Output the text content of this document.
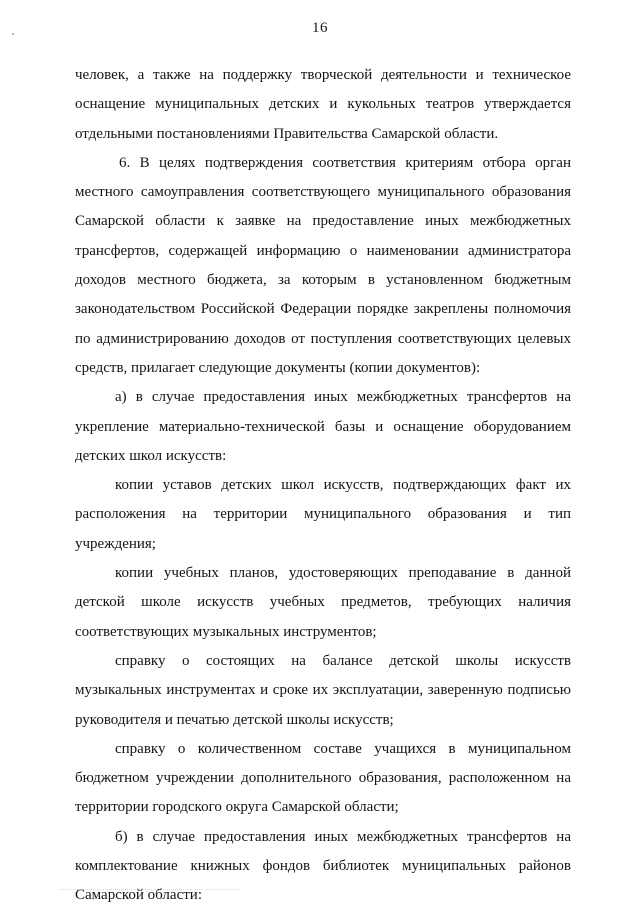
16

человек, а также на поддержку творческой деятельности и техническое оснащение муниципальных детских и кукольных театров утверждается отдельными постановлениями Правительства Самарской области.

6. В целях подтверждения соответствия критериям отбора орган местного самоуправления соответствующего муниципального образования Самарской области к заявке на предоставление иных межбюджетных трансфертов, содержащей информацию о наименовании администратора доходов местного бюджета, за которым в установленном бюджетным законодательством Российской Федерации порядке закреплены полномочия по администрированию доходов от поступления соответствующих целевых средств, прилагает следующие документы (копии документов):

а) в случае предоставления иных межбюджетных трансфертов на укрепление материально-технической базы и оснащение оборудованием детских школ искусств:

копии уставов детских школ искусств, подтверждающих факт их расположения на территории муниципального образования и тип учреждения;

копии учебных планов, удостоверяющих преподавание в данной детской школе искусств учебных предметов, требующих наличия соответствующих музыкальных инструментов;

справку о состоящих на балансе детской школы искусств музыкальных инструментах и сроке их эксплуатации, заверенную подписью руководителя и печатью детской школы искусств;

справку о количественном составе учащихся в муниципальном бюджетном учреждении дополнительного образования, расположенном на территории городского округа Самарской области;

б) в случае предоставления иных межбюджетных трансфертов на комплектование книжных фондов библиотек муниципальных районов Самарской области:
